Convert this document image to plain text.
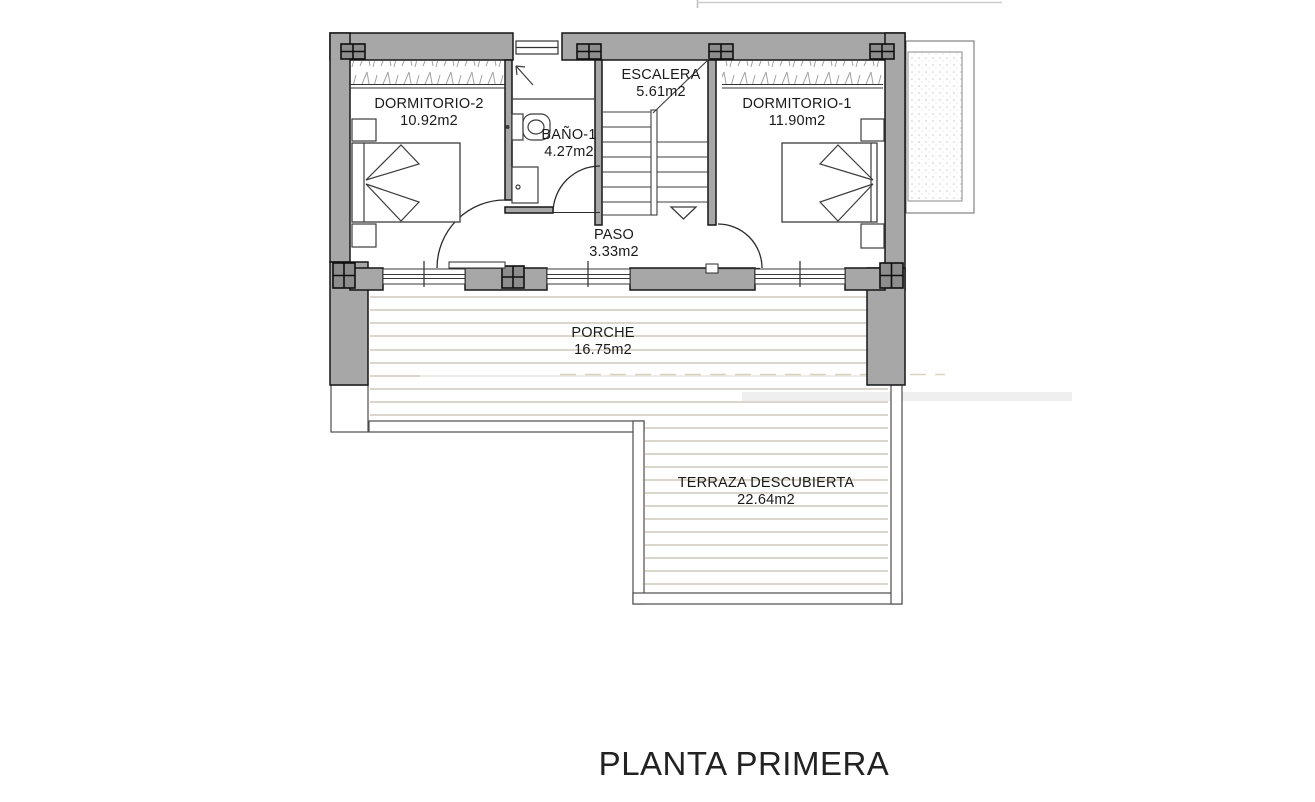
DORMITORIO-2
10.92m2
ESCALERA
5.61m2
BAÑO-1
4.27m2
DORMITORIO-1
11.90m2
PASO
3.33m2
PORCHE
16.75m2
TERRAZA DESCUBIERTA
22.64m2
PLANTA PRIMERA
